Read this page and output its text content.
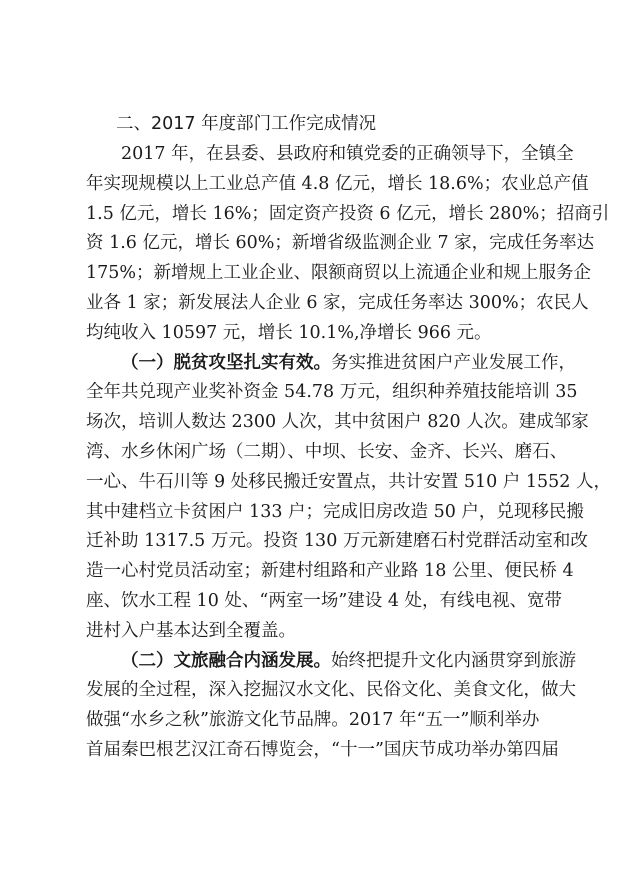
二、2017 年度部门工作完成情况
2017 年，在县委、县政府和镇党委的正确领导下，全镇全
年实现规模以上工业总产值 4.8 亿元，增长 18.6%；农业总产值
1.5 亿元，增长 16%；固定资产投资 6 亿元，增长 280%；招商引
资 1.6 亿元，增长 60%；新增省级监测企业 7 家，完成任务率达
175%；新增规上工业企业、限额商贸以上流通企业和规上服务企
业各 1 家；新发展法人企业 6 家，完成任务率达 300%；农民人
均纯收入 10597 元，增长 10.1%,净增长 966 元。
（一）脱贫攻坚扎实有效。务实推进贫困户产业发展工作，
全年共兑现产业奖补资金 54.78 万元，组织种养殖技能培训 35
场次，培训人数达 2300 人次，其中贫困户 820 人次。建成邹家
湾、水乡休闲广场（二期）、中坝、长安、金齐、长兴、磨石、
一心、牛石川等 9 处移民搬迁安置点，共计安置 510 户 1552 人，
其中建档立卡贫困户 133 户；完成旧房改造 50 户，兑现移民搬
迁补助 1317.5 万元。投资 130 万元新建磨石村党群活动室和改
造一心村党员活动室；新建村组路和产业路 18 公里、便民桥 4
座、饮水工程 10 处、“两室一场”建设 4 处，有线电视、宽带
进村入户基本达到全覆盖。
（二）文旅融合内涵发展。始终把提升文化内涵贯穿到旅游
发展的全过程，深入挖掘汉水文化、民俗文化、美食文化，做大
做强“水乡之秋”旅游文化节品牌。2017 年“五一”顺利举办
首届秦巴根艺汉江奇石博览会，“十一”国庆节成功举办第四届
